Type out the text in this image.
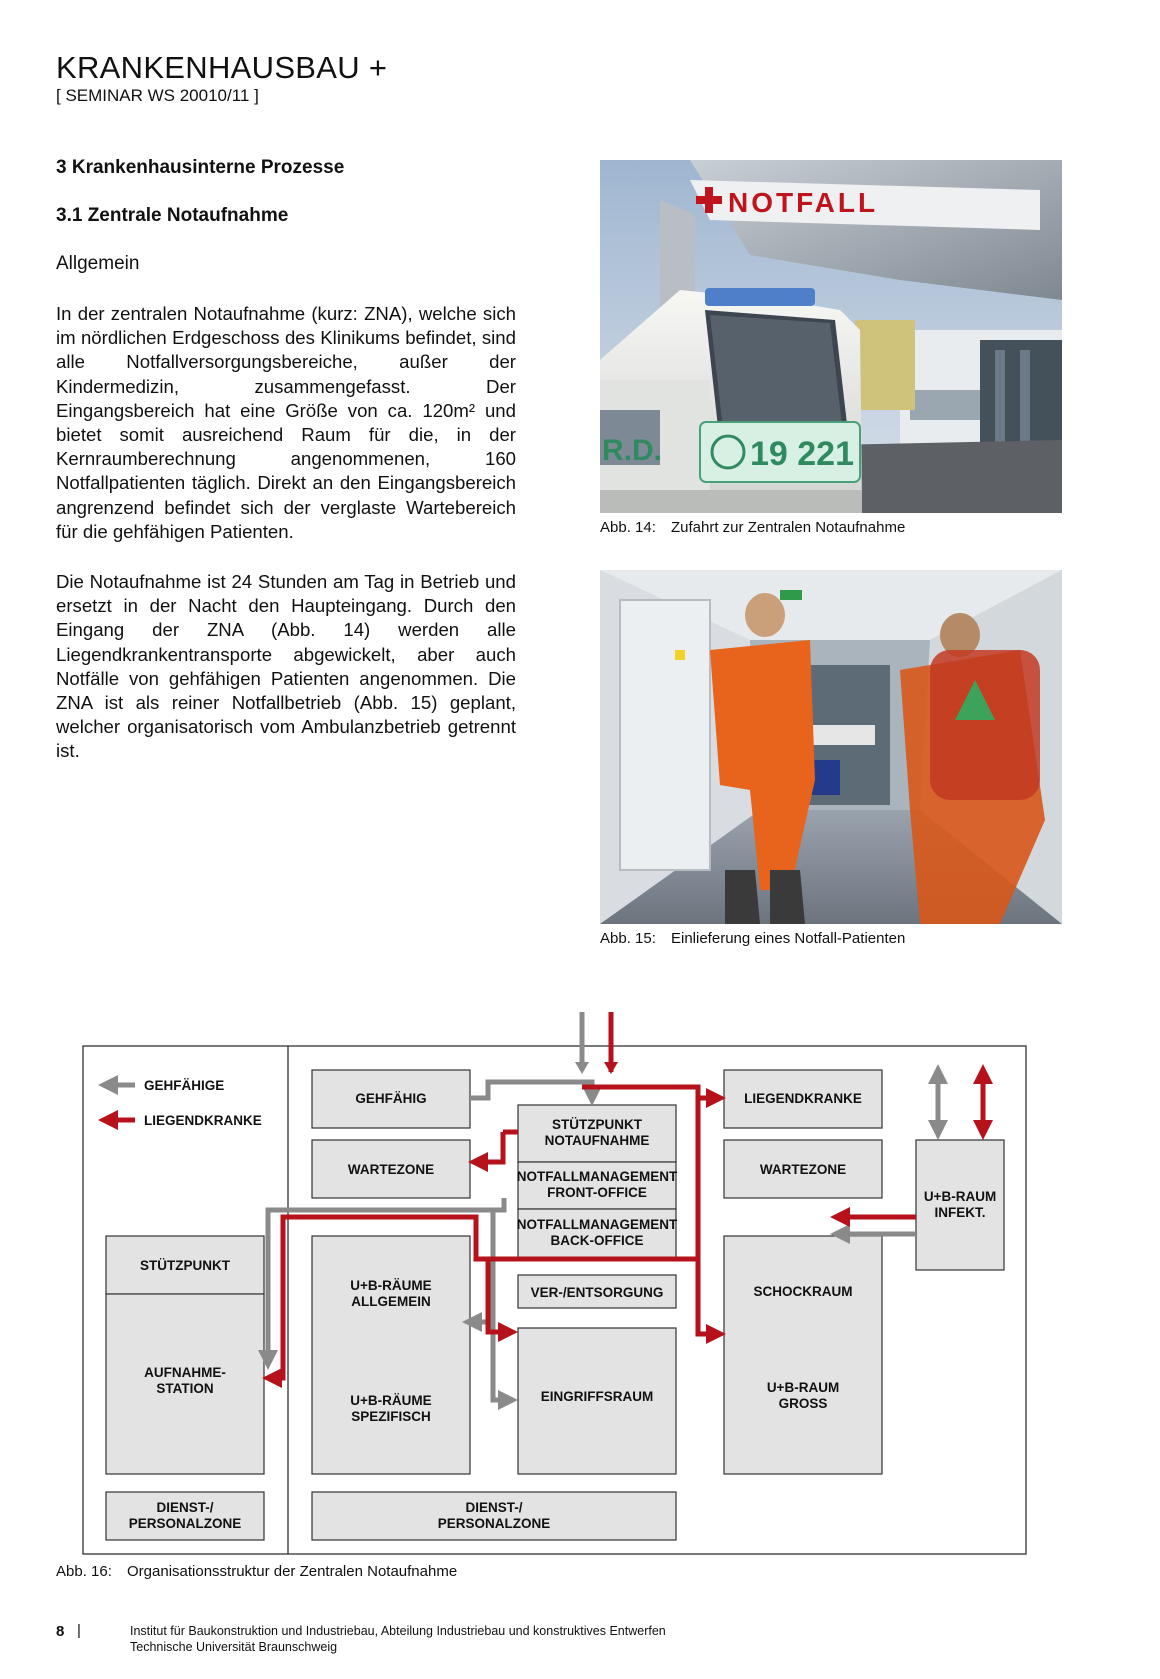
KRANKENHAUSBAU +
[ SEMINAR WS 20010/11 ]
3 Krankenhausinterne Prozesse
3.1 Zentrale Notaufnahme
Allgemein
In der zentralen Notaufnahme (kurz: ZNA), welche sich im nördlichen Erdgeschoss des Klinikums befindet, sind alle Notfallversorgungsbereiche, außer der Kindermedizin, zusammengefasst. Der Eingangsbereich hat eine Größe von ca. 120m² und bietet somit ausreichend Raum für die, in der Kernraumberechnung angenommenen, 160 Notfallpatienten täglich. Direkt an den Eingangsbereich angrenzend befindet sich der verglaste Wartebereich für die gehfähigen Patienten.
Die Notaufnahme ist 24 Stunden am Tag in Betrieb und ersetzt in der Nacht den Haupteingang. Durch den Eingang der ZNA (Abb. 14) werden alle Liegendkrankentransporte abgewickelt, aber auch Notfälle von gehfähigen Patienten angenommen. Die ZNA ist als reiner Notfallbetrieb (Abb. 15) geplant, welcher organisatorisch vom Ambulanzbetrieb getrennt ist.
NOTFALL
19 221
R.D.
Abb. 14: Zufahrt zur Zentralen Notaufnahme
Abb. 15: Einlieferung eines Notfall-Patienten
GEHFÄHIGE
LIEGENDKRANKE
GEHFÄHIG
WARTEZONE
STÜTZPUNKT
NOTAUFNAHME
NOTFALLMANAGEMENT
FRONT-OFFICE
NOTFALLMANAGEMENT
BACK-OFFICE
LIEGENDKRANKE
WARTEZONE
U+B-RAUM
INFEKT.
STÜTZPUNKT
AUFNAHME-
STATION
U+B-RÄUME
ALLGEMEIN
U+B-RÄUME
SPEZIFISCH
VER-/ENTSORGUNG
EINGRIFFSRAUM
SCHOCKRAUM
U+B-RAUM
GROSS
DIENST-/
PERSONALZONE
DIENST-/
PERSONALZONE
Abb. 16: Organisationsstruktur der Zentralen Notaufnahme
8 |	Institut für Baukonstruktion und Industriebau, Abteilung Industriebau und konstruktives Entwerfen
Technische Universität Braunschweig
